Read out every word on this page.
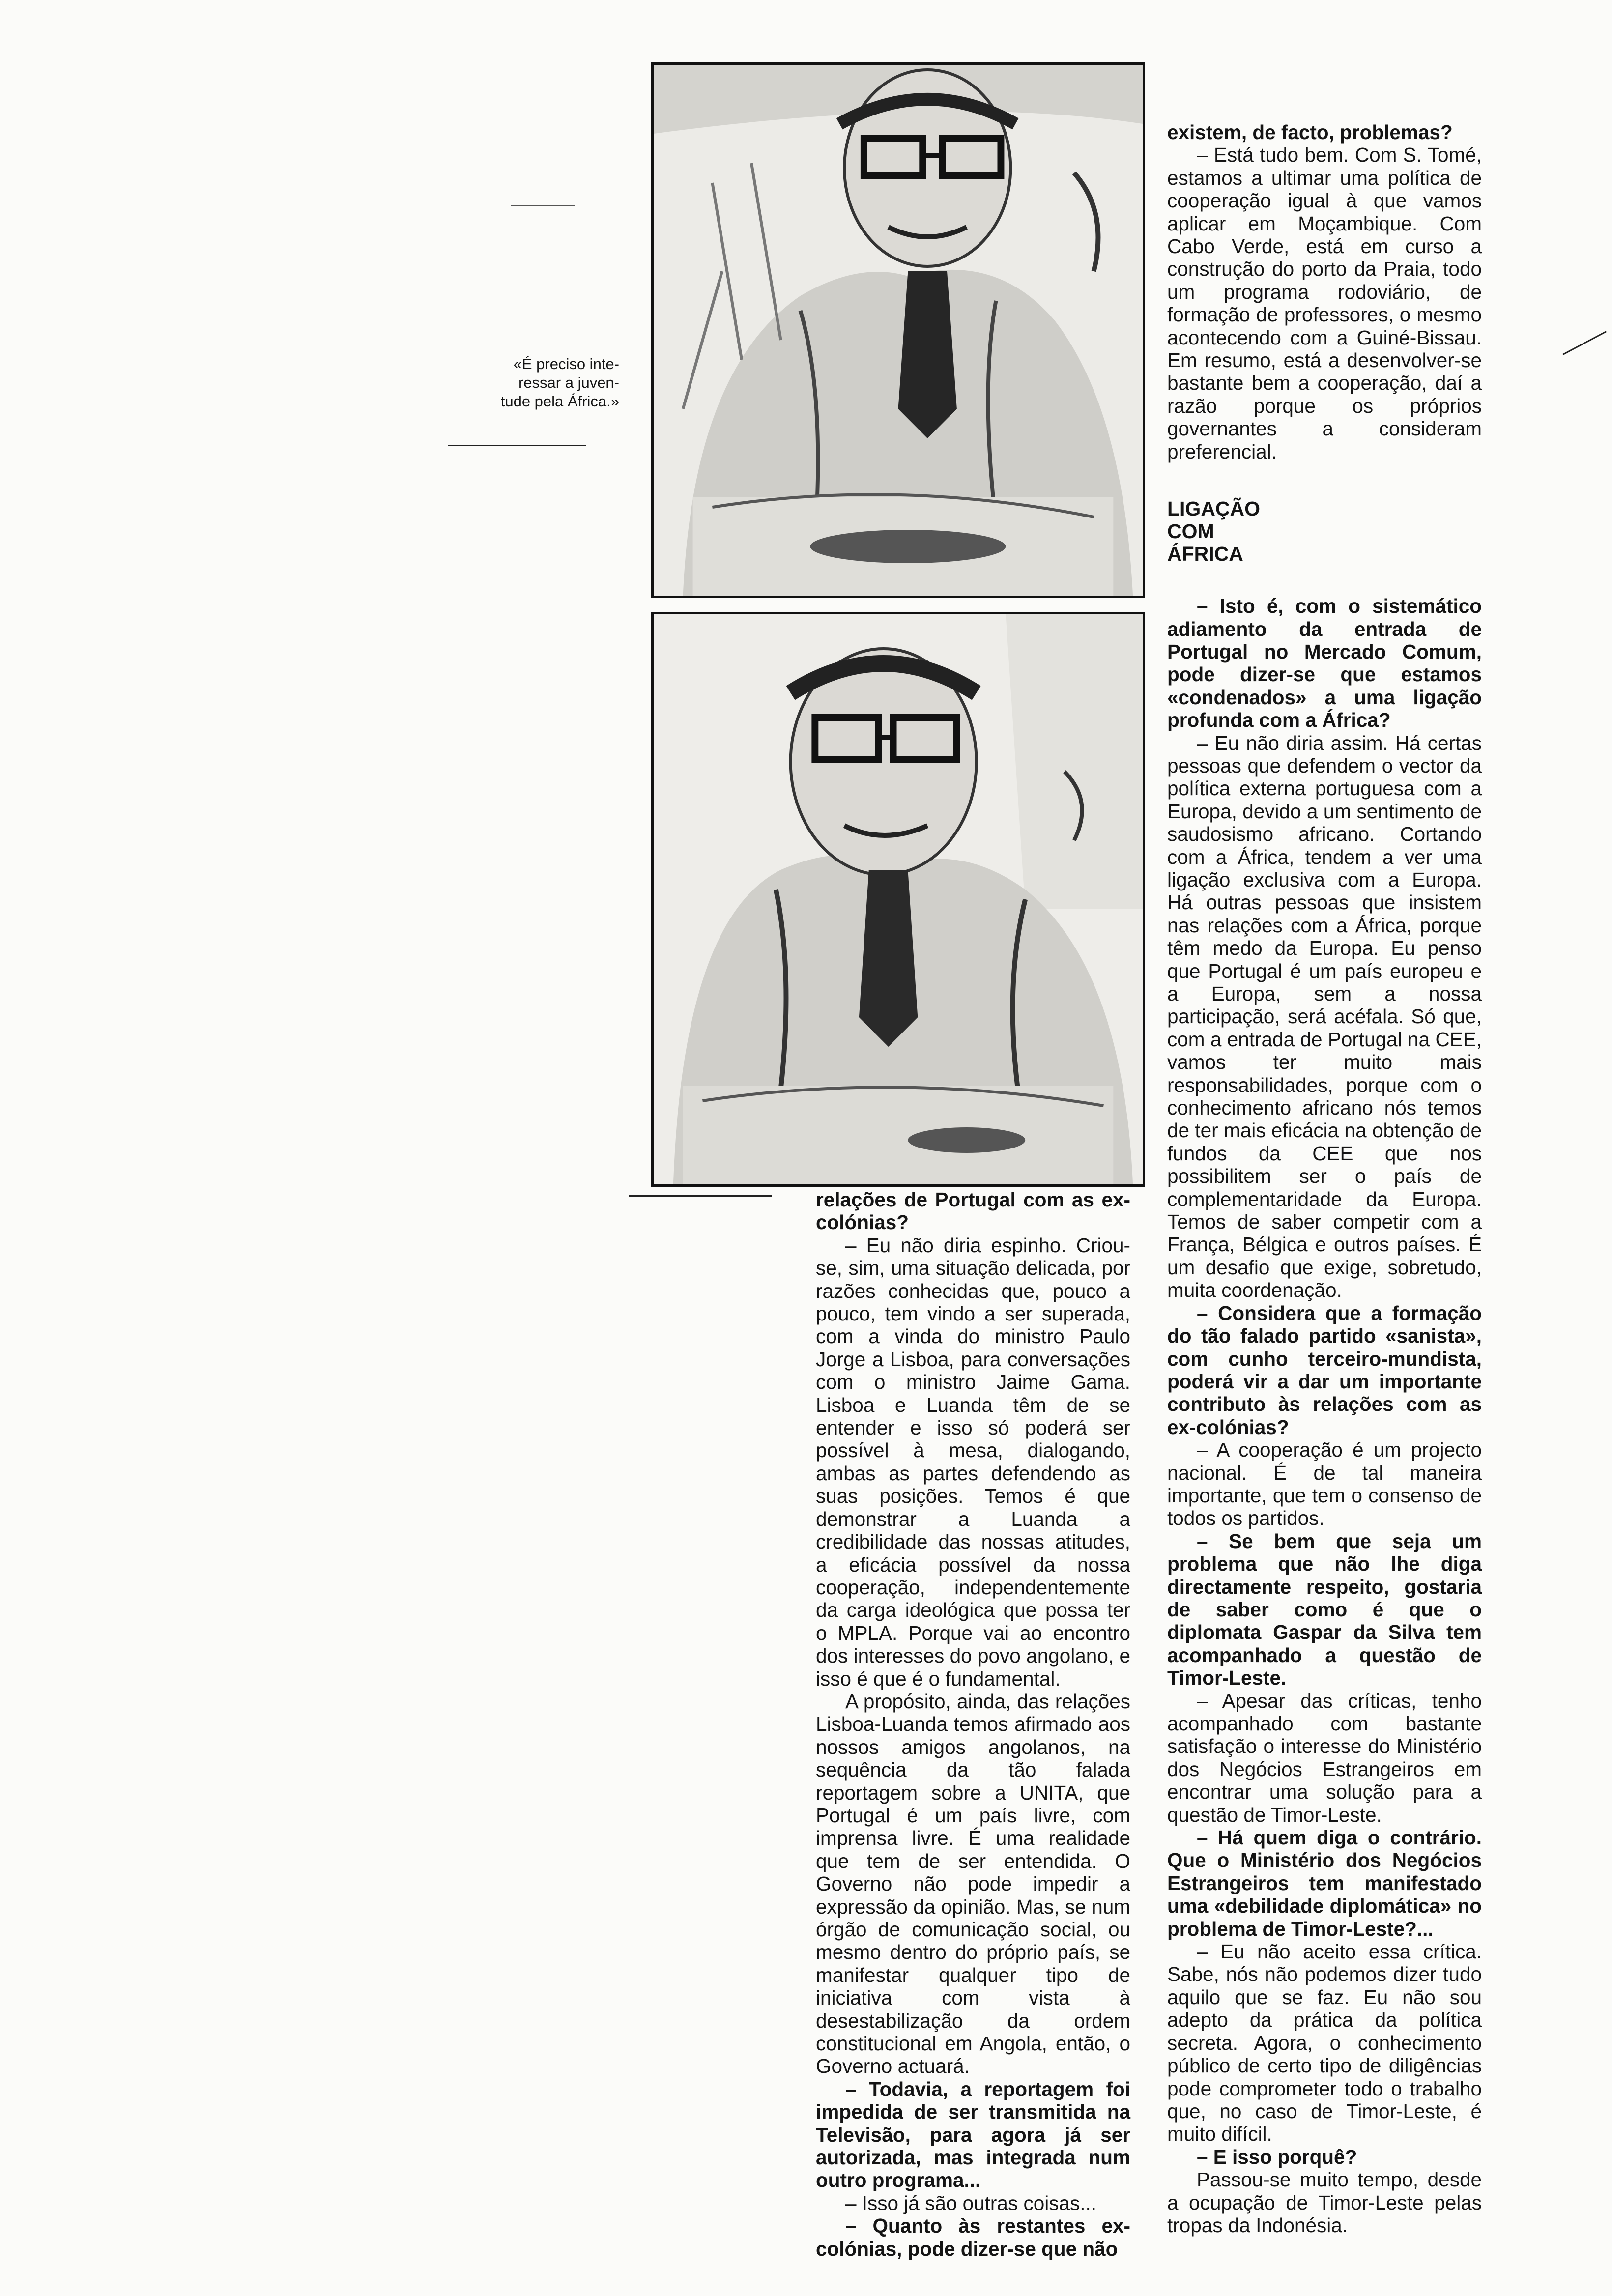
«É preciso inte-
ressar a juven-
tude pela África.»

relações de Portugal com as ex-colónias?

– Eu não diria espinho. Criou-se, sim, uma situação delicada, por razões conhecidas que, pouco a pouco, tem vindo a ser superada, com a vinda do ministro Paulo Jorge a Lisboa, para conversações com o ministro Jaime Gama. Lisboa e Luanda têm de se entender e isso só poderá ser possível à mesa, dialogando, ambas as partes defendendo as suas posições. Temos é que demonstrar a Luanda a credibilidade das nossas atitudes, a eficácia possível da nossa cooperação, independentemente da carga ideológica que possa ter o MPLA. Porque vai ao encontro dos interesses do povo angolano, e isso é que é o fundamental.

A propósito, ainda, das relações Lisboa-Luanda temos afirmado aos nossos amigos angolanos, na sequência da tão falada reportagem sobre a UNITA, que Portugal é um país livre, com imprensa livre. É uma realidade que tem de ser entendida. O Governo não pode impedir a expressão da opinião. Mas, se num órgão de comunicação social, ou mesmo dentro do próprio país, se manifestar qualquer tipo de iniciativa com vista à desestabilização da ordem constitucional em Angola, então, o Governo actuará.

– Todavia, a reportagem foi impedida de ser transmitida na Televisão, para agora já ser autorizada, mas integrada num outro programa...

– Isso já são outras coisas...

– Quanto às restantes ex-colónias, pode dizer-se que não

existem, de facto, problemas?

– Está tudo bem. Com S. Tomé, estamos a ultimar uma política de cooperação igual à que vamos aplicar em Moçambique. Com Cabo Verde, está em curso a construção do porto da Praia, todo um programa rodoviário, de formação de professores, o mesmo acontecendo com a Guiné-Bissau. Em resumo, está a desenvolver-se bastante bem a cooperação, daí a razão porque os próprios governantes a consideram preferencial.

LIGAÇÃO COM ÁFRICA

– Isto é, com o sistemático adiamento da entrada de Portugal no Mercado Comum, pode dizer-se que estamos «condenados» a uma ligação profunda com a África?

– Eu não diria assim. Há certas pessoas que defendem o vector da política externa portuguesa com a Europa, devido a um sentimento de saudosismo africano. Cortando com a África, tendem a ver uma ligação exclusiva com a Europa. Há outras pessoas que insistem nas relações com a África, porque têm medo da Europa. Eu penso que Portugal é um país europeu e a Europa, sem a nossa participação, será acéfala. Só que, com a entrada de Portugal na CEE, vamos ter muito mais responsabilidades, porque com o conhecimento africano nós temos de ter mais eficácia na obtenção de fundos da CEE que nos possibilitem ser o país de complementaridade da Europa. Temos de saber competir com a França, Bélgica e outros países. É um desafio que exige, sobretudo, muita coordenação.

– Considera que a formação do tão falado partido «sanista», com cunho terceiro-mundista, poderá vir a dar um importante contributo às relações com as ex-colónias?

– A cooperação é um projecto nacional. É de tal maneira importante, que tem o consenso de todos os partidos.

– Se bem que seja um problema que não lhe diga directamente respeito, gostaria de saber como é que o diplomata Gaspar da Silva tem acompanhado a questão de Timor-Leste.

– Apesar das críticas, tenho acompanhado com bastante satisfação o interesse do Ministério dos Negócios Estrangeiros em encontrar uma solução para a questão de Timor-Leste.

– Há quem diga o contrário. Que o Ministério dos Negócios Estrangeiros tem manifestado uma «debilidade diplomática» no problema de Timor-Leste?...

– Eu não aceito essa crítica. Sabe, nós não podemos dizer tudo aquilo que se faz. Eu não sou adepto da prática da política secreta. Agora, o conhecimento público de certo tipo de diligências pode comprometer todo o trabalho que, no caso de Timor-Leste, é muito difícil.

– E isso porquê?

Passou-se muito tempo, desde a ocupação de Timor-Leste pelas tropas da Indonésia.
